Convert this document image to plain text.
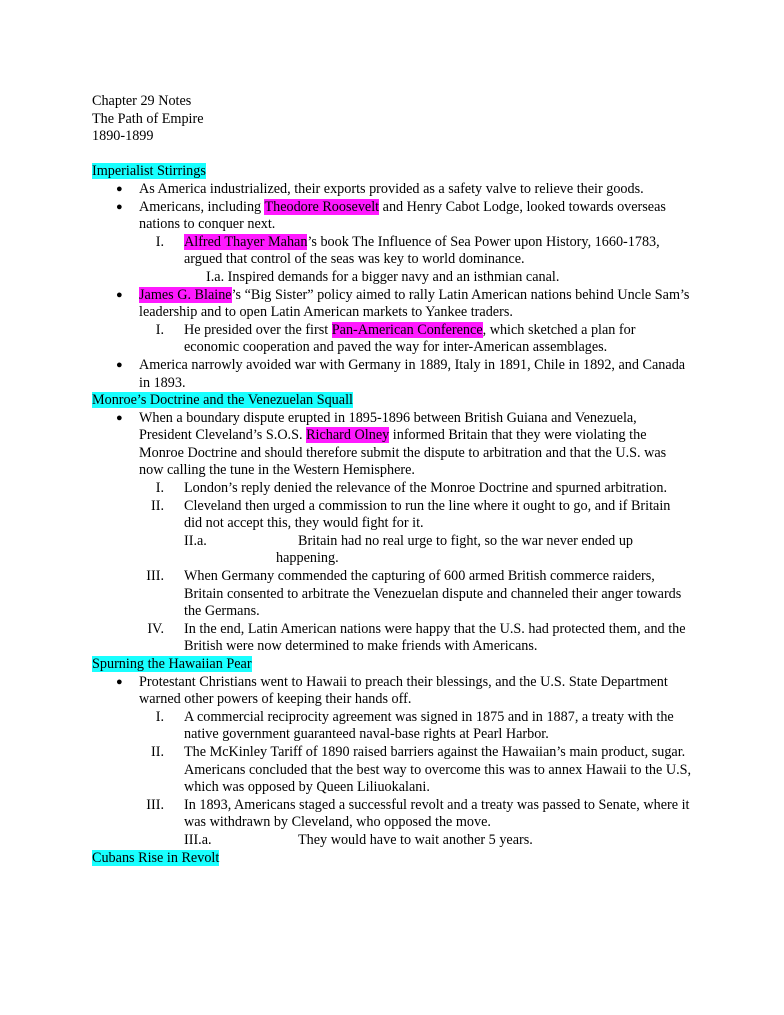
Chapter 29 Notes

The Path of Empire

1890-1899

Imperialist Stirrings

● As America industrialized, their exports provided as a safety valve to relieve their goods.
● Americans, including Theodore Roosevelt and Henry Cabot Lodge, looked towards overseas nations to conquer next.
I. Alfred Thayer Mahan’s book The Influence of Sea Power upon History, 1660-1783, argued that control of the seas was key to world dominance.
I.a. Inspired demands for a bigger navy and an isthmian canal.
● James G. Blaine’s “Big Sister” policy aimed to rally Latin American nations behind Uncle Sam’s leadership and to open Latin American markets to Yankee traders.
I. He presided over the first Pan-American Conference, which sketched a plan for economic cooperation and paved the way for inter-American assemblages.
● America narrowly avoided war with Germany in 1889, Italy in 1891, Chile in 1892, and Canada in 1893.

Monroe’s Doctrine and the Venezuelan Squall

● When a boundary dispute erupted in 1895-1896 between British Guiana and Venezuela, President Cleveland’s S.O.S. Richard Olney informed Britain that they were violating the Monroe Doctrine and should therefore submit the dispute to arbitration and that the U.S. was now calling the tune in the Western Hemisphere.
I. London’s reply denied the relevance of the Monroe Doctrine and spurned arbitration.
II. Cleveland then urged a commission to run the line where it ought to go, and if Britain did not accept this, they would fight for it.
II.a.	Britain had no real urge to fight, so the war never ended up happening.
III. When Germany commended the capturing of 600 armed British commerce raiders, Britain consented to arbitrate the Venezuelan dispute and channeled their anger towards the Germans.
IV. In the end, Latin American nations were happy that the U.S. had protected them, and the British were now determined to make friends with Americans.

Spurning the Hawaiian Pear

● Protestant Christians went to Hawaii to preach their blessings, and the U.S. State Department warned other powers of keeping their hands off.
I. A commercial reciprocity agreement was signed in 1875 and in 1887, a treaty with the native government guaranteed naval-base rights at Pearl Harbor.
II. The McKinley Tariff of 1890 raised barriers against the Hawaiian’s main product, sugar. Americans concluded that the best way to overcome this was to annex Hawaii to the U.S, which was opposed by Queen Liliuokalani.
III. In 1893, Americans staged a successful revolt and a treaty was passed to Senate, where it was withdrawn by Cleveland, who opposed the move.
III.a.	They would have to wait another 5 years.

Cubans Rise in Revolt
